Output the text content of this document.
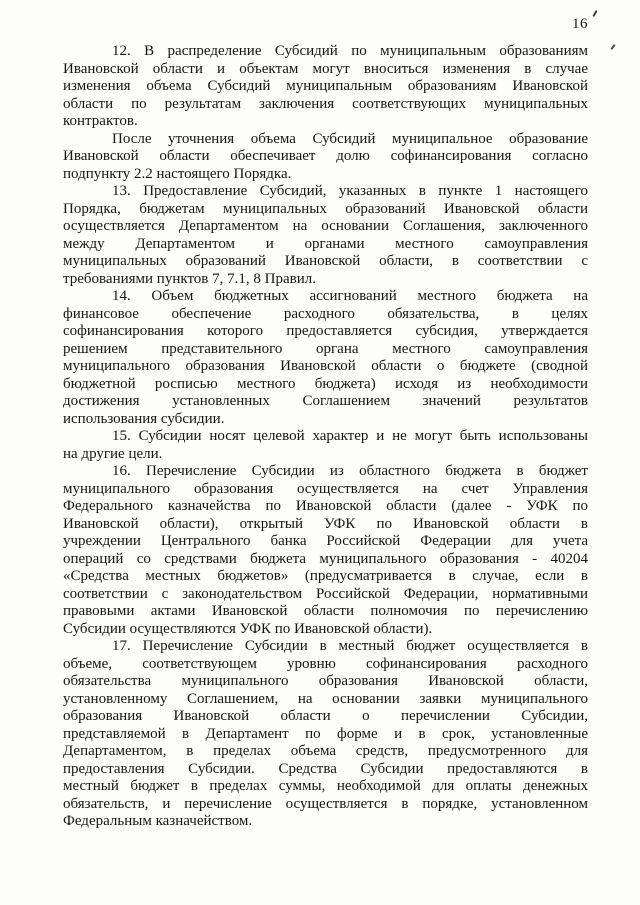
16
12. В распределение Субсидий по муниципальным образованиям
Ивановской области и объектам могут вноситься изменения в случае
изменения объема Субсидий муниципальным образованиям Ивановской
области по результатам заключения соответствующих муниципальных
контрактов.
После уточнения объема Субсидий муниципальное образование
Ивановской области обеспечивает долю софинансирования согласно
подпункту 2.2 настоящего Порядка.
13. Предоставление Субсидий, указанных в пункте 1 настоящего
Порядка, бюджетам муниципальных образований Ивановской области
осуществляется Департаментом на основании Соглашения, заключенного
между Департаментом и органами местного самоуправления
муниципальных образований Ивановской области, в соответствии с
требованиями пунктов 7, 7.1, 8 Правил.
14. Объем бюджетных ассигнований местного бюджета на
финансовое обеспечение расходного обязательства, в целях
софинансирования которого предоставляется субсидия, утверждается
решением представительного органа местного самоуправления
муниципального образования Ивановской области о бюджете (сводной
бюджетной росписью местного бюджета) исходя из необходимости
достижения установленных Соглашением значений результатов
использования субсидии.
15. Субсидии носят целевой характер и не могут быть использованы
на другие цели.
16. Перечисление Субсидии из областного бюджета в бюджет
муниципального образования осуществляется на счет Управления
Федерального казначейства по Ивановской области (далее - УФК по
Ивановской области), открытый УФК по Ивановской области в
учреждении Центрального банка Российской Федерации для учета
операций со средствами бюджета муниципального образования - 40204
«Средства местных бюджетов» (предусматривается в случае, если в
соответствии с законодательством Российской Федерации, нормативными
правовыми актами Ивановской области полномочия по перечислению
Субсидии осуществляются УФК по Ивановской области).
17. Перечисление Субсидии в местный бюджет осуществляется в
объеме, соответствующем уровню софинансирования расходного
обязательства муниципального образования Ивановской области,
установленному Соглашением, на основании заявки муниципального
образования Ивановской области о перечислении Субсидии,
представляемой в Департамент по форме и в срок, установленные
Департаментом, в пределах объема средств, предусмотренного для
предоставления Субсидии. Средства Субсидии предоставляются в
местный бюджет в пределах суммы, необходимой для оплаты денежных
обязательств, и перечисление осуществляется в порядке, установленном
Федеральным казначейством.
